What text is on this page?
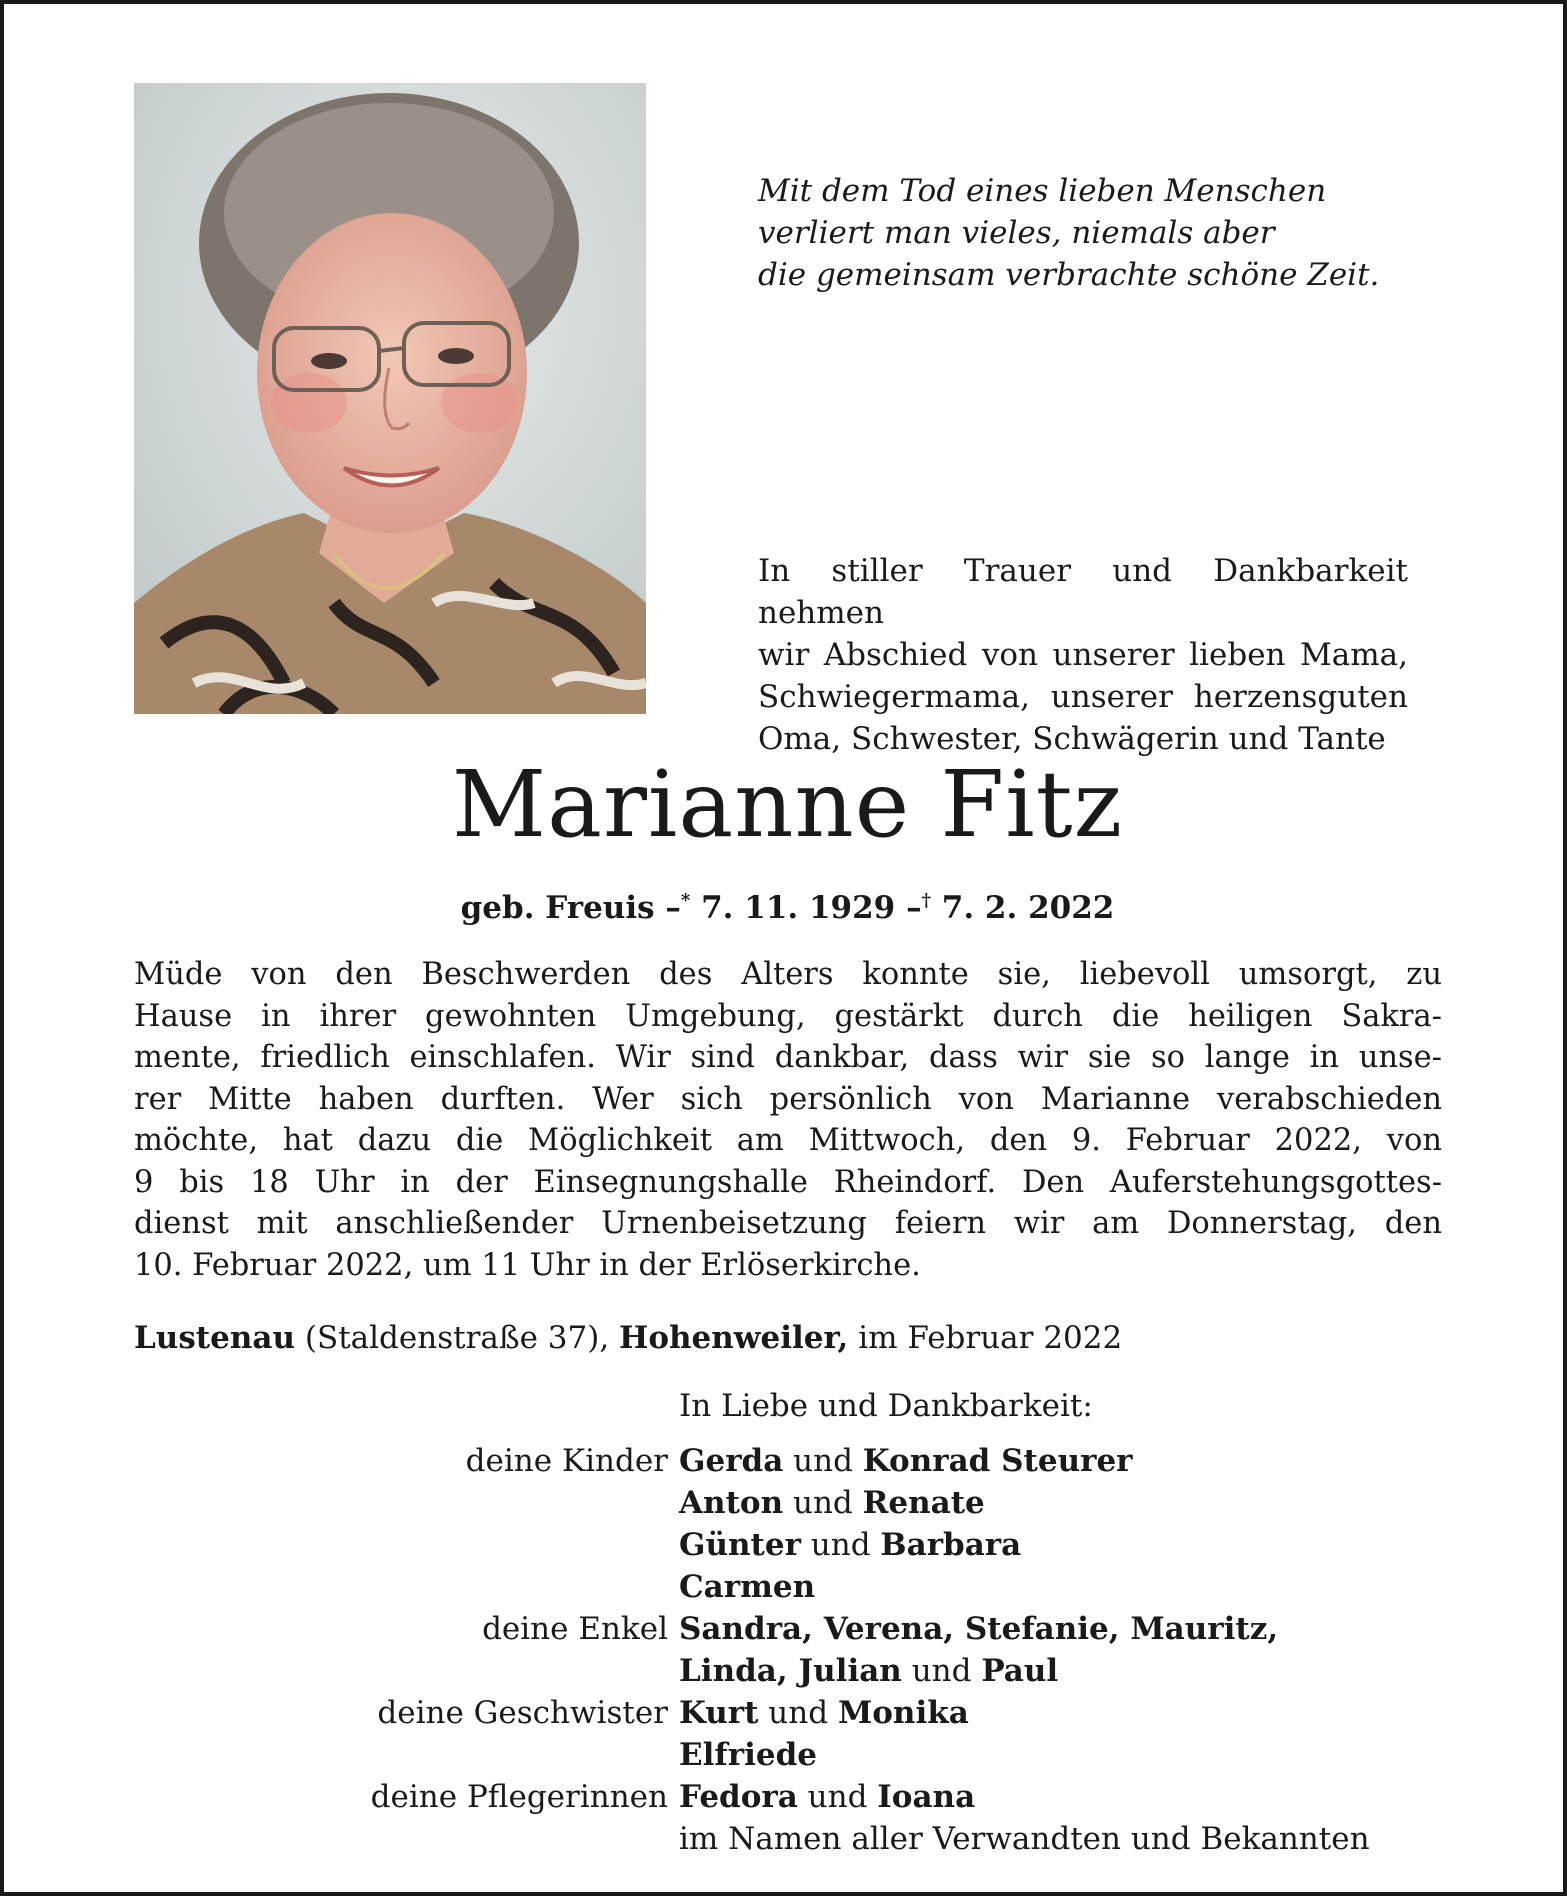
Mit dem Tod eines lieben Menschen
verliert man vieles, niemals aber
die gemeinsam verbrachte schöne Zeit.
In stiller Trauer und Dankbarkeit nehmen
wir Abschied von unserer lieben Mama,
Schwiegermama, unserer herzensguten
Oma, Schwester, Schwägerin und Tante
Marianne Fitz
geb. Freuis –* 7. 11. 1929 –† 7. 2. 2022
Müde von den Beschwerden des Alters konnte sie, liebevoll umsorgt, zu
Hause in ihrer gewohnten Umgebung, gestärkt durch die heiligen Sakra-
mente, friedlich einschlafen. Wir sind dankbar, dass wir sie so lange in unse-
rer Mitte haben durften. Wer sich persönlich von Marianne verabschieden
möchte, hat dazu die Möglichkeit am Mittwoch, den 9. Februar 2022, von
9 bis 18 Uhr in der Einsegnungshalle Rheindorf. Den Auferstehungsgottes-
dienst mit anschließender Urnenbeisetzung feiern wir am Donnerstag, den
10. Februar 2022, um 11 Uhr in der Erlöserkirche.
Lustenau (Staldenstraße 37), Hohenweiler, im Februar 2022
In Liebe und Dankbarkeit:
deine Kinder Gerda und Konrad Steurer
Anton und Renate
Günter und Barbara
Carmen
deine Enkel Sandra, Verena, Stefanie, Mauritz,
Linda, Julian und Paul
deine Geschwister Kurt und Monika
Elfriede
deine Pflegerinnen Fedora und Ioana
im Namen aller Verwandten und Bekannten
